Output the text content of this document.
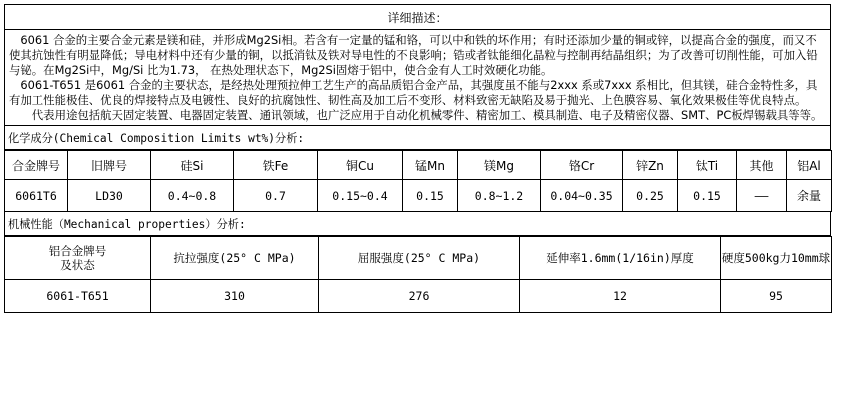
详细描述：

　6061 合金的主要合金元素是镁和硅，并形成Mg2Si相。若含有一定量的锰和铬，可以中和铁的坏作用；有时还添加少量的铜或锌，以提高合金的强度，而又不使其抗蚀性有明显降低；导电材料中还有少量的铜，以抵消钛及铁对导电性的不良影响；锆或者钛能细化晶粒与控制再结晶组织；为了改善可切削性能，可加入铅与铋。在Mg2Si中，Mg/Si 比为1.73， 在热处理状态下，Mg2Si固熔于铝中，使合金有人工时效硬化功能。

　6061-T651 是6061 合金的主要状态，是经热处理预拉伸工艺生产的高品质铝合金产品，其强度虽不能与2xxx 系或7xxx 系相比，但其镁，硅合金特性多，具有加工性能极佳、优良的焊接特点及电镀性、良好的抗腐蚀性、韧性高及加工后不变形、材料致密无缺陷及易于抛光、上色膜容易、氧化效果极佳等优良特点。

　　代表用途包括航天固定装置、电器固定装置、通讯领域，也广泛应用于自动化机械零件、精密加工、模具制造、电子及精密仪器、SMT、PC板焊锡载具等等。

化学成分(Chemical Composition Limits wt%)分析:
合金牌号	旧牌号	硅Si	铁Fe	铜Cu	锰Mn	镁Mg	铬Cr	锌Zn	钛Ti	其他	铝Al
6061T6	LD30	0.4~0.8	0.7	0.15~0.4	0.15	0.8~1.2	0.04~0.35	0.25	0.15	——	余量
机械性能（Mechanical properties）分析:
铝合金牌号
及状态	抗拉强度(25° C MPa)	屈服强度(25° C MPa)	延伸率1.6mm(1/16in)厚度	硬度500kg力10mm球
6061-T651	310	276	12	95
